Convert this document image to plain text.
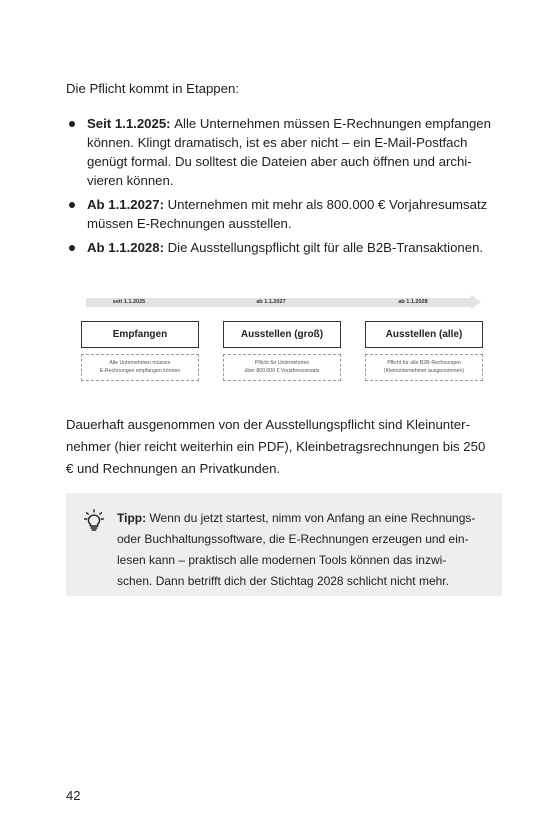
Die Pflicht kommt in Etappen:

Seit 1.1.2025: Alle Unternehmen müssen E-Rechnungen empfangen
können. Klingt dramatisch, ist es aber nicht – ein E-Mail-Postfach
genügt formal. Du solltest die Dateien aber auch öffnen und archi-
vieren können.
Ab 1.1.2027: Unternehmen mit mehr als 800.000 € Vorjahresumsatz
müssen E-Rechnungen ausstellen.
Ab 1.1.2028: Die Ausstellungspflicht gilt für alle B2B-Transaktionen.
seit 1.1.2025	ab 1.1.2027	ab 1.1.2028
Empfangen	Ausstellen (groß)	Ausstellen (alle)
Alle Unternehmen müssen
E-Rechnungen empfangen können
Pflicht für Unternehmen
über 800.000 € Vorjahresumsatz
Pflicht für alle B2B-Rechnungen
(Kleinunternehmer ausgenommen)

Dauerhaft ausgenommen von der Ausstellungspflicht sind Kleinunter-
nehmer (hier reicht weiterhin ein PDF), Kleinbetragsrechnungen bis 250
€ und Rechnungen an Privatkunden.

Tipp: Wenn du jetzt startest, nimm von Anfang an eine Rechnungs-
oder Buchhaltungssoftware, die E-Rechnungen erzeugen und ein-
lesen kann – praktisch alle modernen Tools können das inzwi-
schen. Dann betrifft dich der Stichtag 2028 schlicht nicht mehr.

42
